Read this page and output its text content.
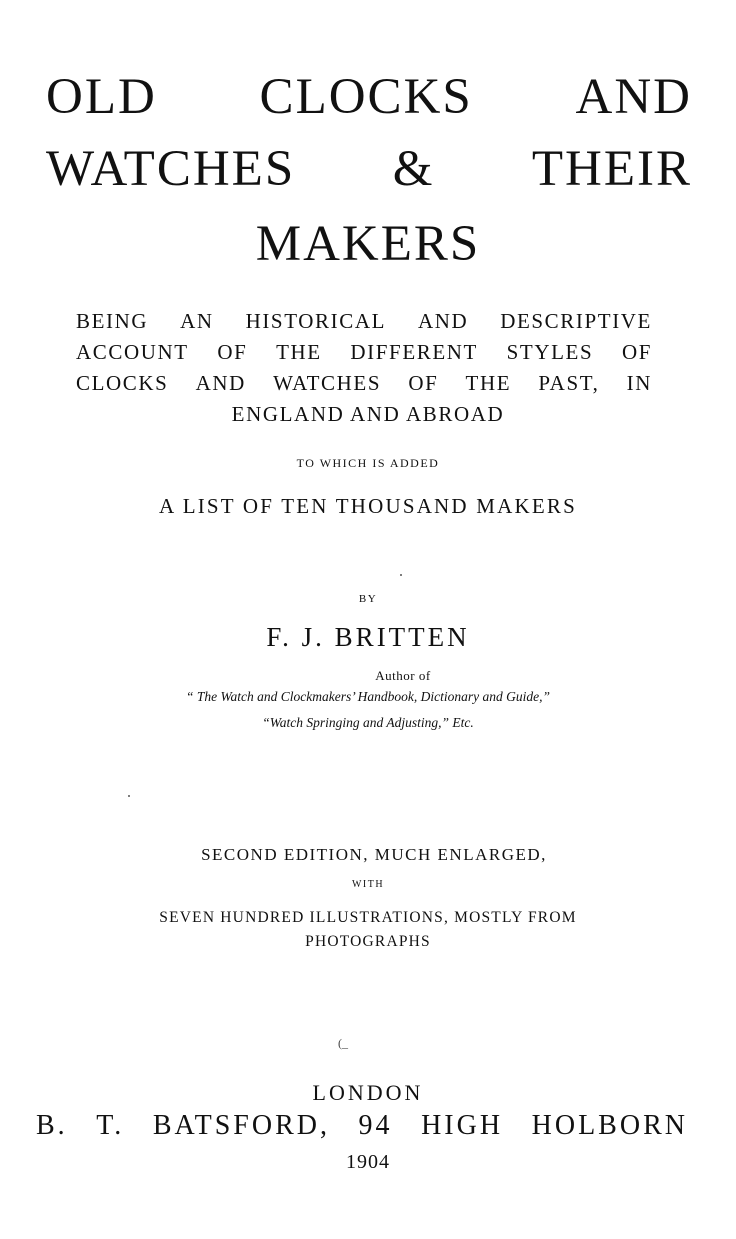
OLD CLOCKS AND
WATCHES & THEIR
MAKERS
BEING AN HISTORICAL AND DESCRIPTIVE
ACCOUNT OF THE DIFFERENT STYLES OF
CLOCKS AND WATCHES OF THE PAST, IN
ENGLAND AND ABROAD
TO WHICH IS ADDED
A LIST OF TEN THOUSAND MAKERS
BY
F. J. BRITTEN
Author of
“ The Watch and Clockmakers’ Handbook, Dictionary and Guide,”
“Watch Springing and Adjusting,” Etc.
SECOND EDITION, MUCH ENLARGED,
WITH
SEVEN HUNDRED ILLUSTRATIONS, MOSTLY FROM
PHOTOGRAPHS
(_
LONDON
B. T. BATSFORD, 94 HIGH HOLBORN
1904
